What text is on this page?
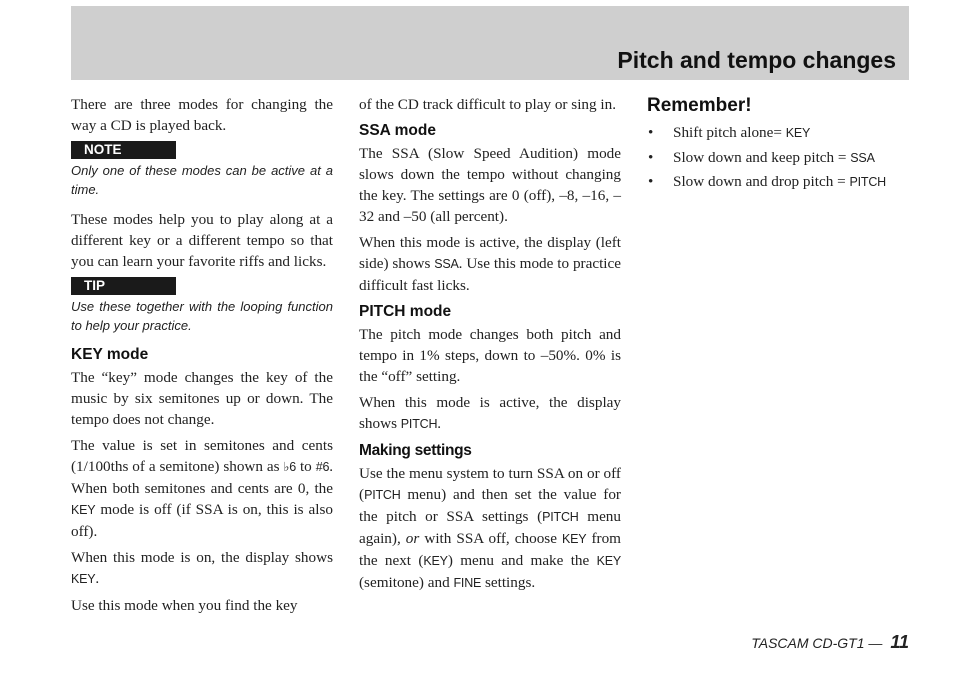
Pitch and tempo changes

There are three modes for changing the way a CD is played back.

NOTE

Only one of these modes can be active at a time.

These modes help you to play along at a different key or a different tempo so that you can learn your favorite riffs and licks.

TIP

Use these together with the looping function to help your practice.

KEY mode

The “key” mode changes the key of the music by six semitones up or down. The tempo does not change.

The value is set in semitones and cents (1/100ths of a semitone) shown as ♭6 to #6. When both semitones and cents are 0, the KEY mode is off (if SSA is on, this is also off).

When this mode is on, the display shows KEY.

Use this mode when you find the key

of the CD track difficult to play or sing in.

SSA mode

The SSA (Slow Speed Audition) mode slows down the tempo without changing the key. The settings are 0 (off), –8, –16, –32 and –50 (all percent).

When this mode is active, the display (left side) shows SSA. Use this mode to practice difficult fast licks.

PITCH mode

The pitch mode changes both pitch and tempo in 1% steps, down to –50%. 0% is the “off” setting.

When this mode is active, the display shows PITCH.

Making settings

Use the menu system to turn SSA on or off (PITCH menu) and then set the value for the pitch or SSA settings (PITCH menu again), or with SSA off, choose KEY from the next (KEY) menu and make the KEY (semitone) and FINE settings.

Remember!
• Shift pitch alone= KEY
• Slow down and keep pitch = SSA
• Slow down and drop pitch = PITCH
TASCAM CD-GT1 — 11
